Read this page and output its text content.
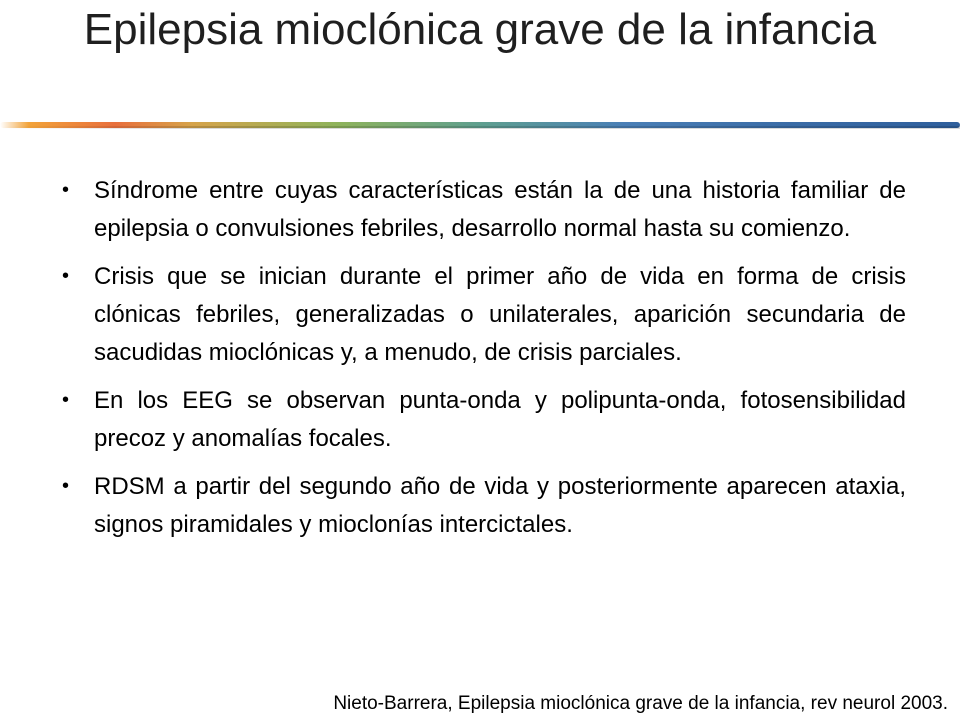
Epilepsia mioclónica grave de la infancia
• Síndrome entre cuyas características están la de una historia familiar de epilepsia o convulsiones febriles, desarrollo normal hasta su comienzo.
• Crisis que se inician durante el primer año de vida en forma de crisis clónicas febriles, generalizadas o unilaterales, aparición secundaria de sacudidas mioclónicas y, a menudo, de crisis parciales.
• En los EEG se observan punta-onda y polipunta-onda, fotosensibilidad precoz y anomalías focales.
• RDSM a partir del segundo año de vida y posteriormente aparecen ataxia, signos piramidales y mioclonías intercictales.
Nieto-Barrera, Epilepsia mioclónica grave de la infancia, rev neurol 2003.
